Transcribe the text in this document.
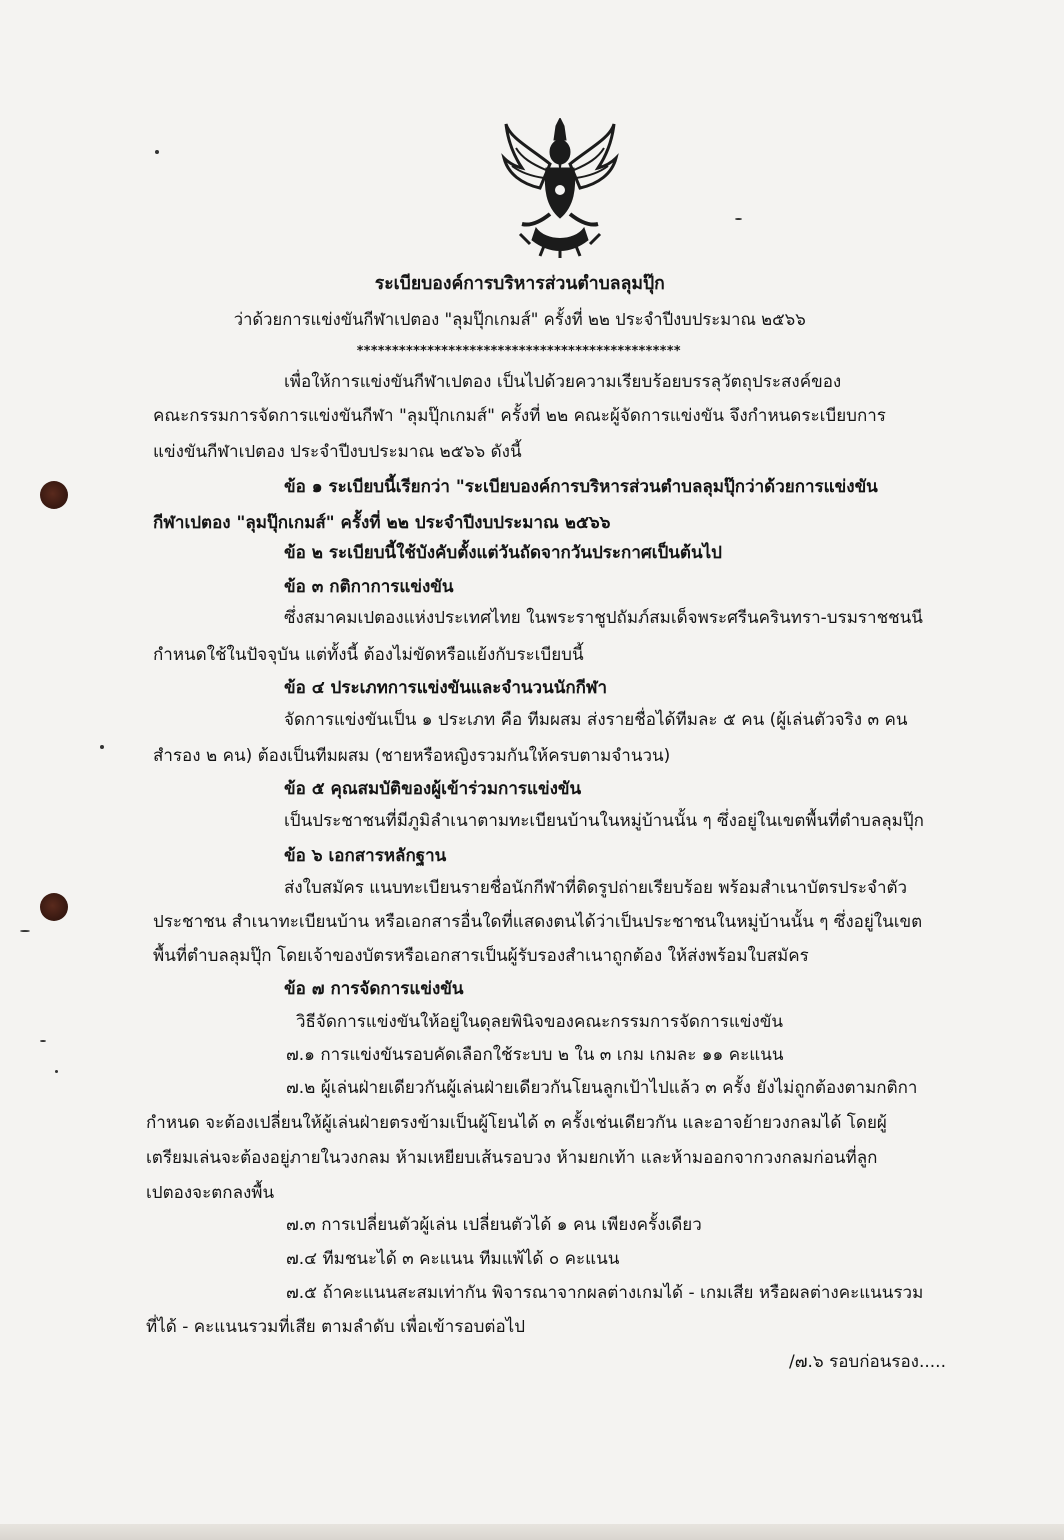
ระเบียบองค์การบริหารส่วนตำบลลุมปุ๊ก
ว่าด้วยการแข่งขันกีฬาเปตอง "ลุมปุ๊กเกมส์" ครั้งที่ ๒๒ ประจำปีงบประมาณ ๒๕๖๖
**********************************************
เพื่อให้การแข่งขันกีฬาเปตอง เป็นไปด้วยความเรียบร้อยบรรลุวัตถุประสงค์ของ
คณะกรรมการจัดการแข่งขันกีฬา "ลุมปุ๊กเกมส์" ครั้งที่ ๒๒ คณะผู้จัดการแข่งขัน จึงกำหนดระเบียบการ
แข่งขันกีฬาเปตอง ประจำปีงบประมาณ ๒๕๖๖ ดังนี้
ข้อ ๑ ระเบียบนี้เรียกว่า "ระเบียบองค์การบริหารส่วนตำบลลุมปุ๊กว่าด้วยการแข่งขัน
กีฬาเปตอง "ลุมปุ๊กเกมส์" ครั้งที่ ๒๒ ประจำปีงบประมาณ ๒๕๖๖
ข้อ ๒ ระเบียบนี้ใช้บังคับตั้งแต่วันถัดจากวันประกาศเป็นต้นไป
ข้อ ๓ กติกาการแข่งขัน
ซึ่งสมาคมเปตองแห่งประเทศไทย ในพระราชูปถัมภ์สมเด็จพระศรีนครินทรา-บรมราชชนนี
กำหนดใช้ในปัจจุบัน แต่ทั้งนี้ ต้องไม่ขัดหรือแย้งกับระเบียบนี้
ข้อ ๔ ประเภทการแข่งขันและจำนวนนักกีฬา
จัดการแข่งขันเป็น ๑ ประเภท คือ ทีมผสม ส่งรายชื่อได้ทีมละ ๕ คน (ผู้เล่นตัวจริง ๓ คน
สำรอง ๒ คน) ต้องเป็นทีมผสม (ชายหรือหญิงรวมกันให้ครบตามจำนวน)
ข้อ ๕ คุณสมบัติของผู้เข้าร่วมการแข่งขัน
เป็นประชาชนที่มีภูมิลำเนาตามทะเบียนบ้านในหมู่บ้านนั้น ๆ ซึ่งอยู่ในเขตพื้นที่ตำบลลุมปุ๊ก
ข้อ ๖ เอกสารหลักฐาน
ส่งใบสมัคร แนบทะเบียนรายชื่อนักกีฬาที่ติดรูปถ่ายเรียบร้อย พร้อมสำเนาบัตรประจำตัว
ประชาชน สำเนาทะเบียนบ้าน หรือเอกสารอื่นใดที่แสดงตนได้ว่าเป็นประชาชนในหมู่บ้านนั้น ๆ ซึ่งอยู่ในเขต
พื้นที่ตำบลลุมปุ๊ก โดยเจ้าของบัตรหรือเอกสารเป็นผู้รับรองสำเนาถูกต้อง ให้ส่งพร้อมใบสมัคร
ข้อ ๗ การจัดการแข่งขัน
วิธีจัดการแข่งขันให้อยู่ในดุลยพินิจของคณะกรรมการจัดการแข่งขัน
๗.๑ การแข่งขันรอบคัดเลือกใช้ระบบ ๒ ใน ๓ เกม เกมละ ๑๑ คะแนน
๗.๒ ผู้เล่นฝ่ายเดียวกันผู้เล่นฝ่ายเดียวกันโยนลูกเป้าไปแล้ว ๓ ครั้ง ยังไม่ถูกต้องตามกติกา
กำหนด จะต้องเปลี่ยนให้ผู้เล่นฝ่ายตรงข้ามเป็นผู้โยนได้ ๓ ครั้งเช่นเดียวกัน และอาจย้ายวงกลมได้ โดยผู้
เตรียมเล่นจะต้องอยู่ภายในวงกลม ห้ามเหยียบเส้นรอบวง ห้ามยกเท้า และห้ามออกจากวงกลมก่อนที่ลูก
เปตองจะตกลงพื้น
๗.๓ การเปลี่ยนตัวผู้เล่น เปลี่ยนตัวได้ ๑ คน เพียงครั้งเดียว
๗.๔ ทีมชนะได้ ๓ คะแนน ทีมแพ้ได้ ๐ คะแนน
๗.๕ ถ้าคะแนนสะสมเท่ากัน พิจารณาจากผลต่างเกมได้ - เกมเสีย หรือผลต่างคะแนนรวม
ที่ได้ - คะแนนรวมที่เสีย ตามลำดับ เพื่อเข้ารอบต่อไป
/๗.๖ รอบก่อนรอง.....
